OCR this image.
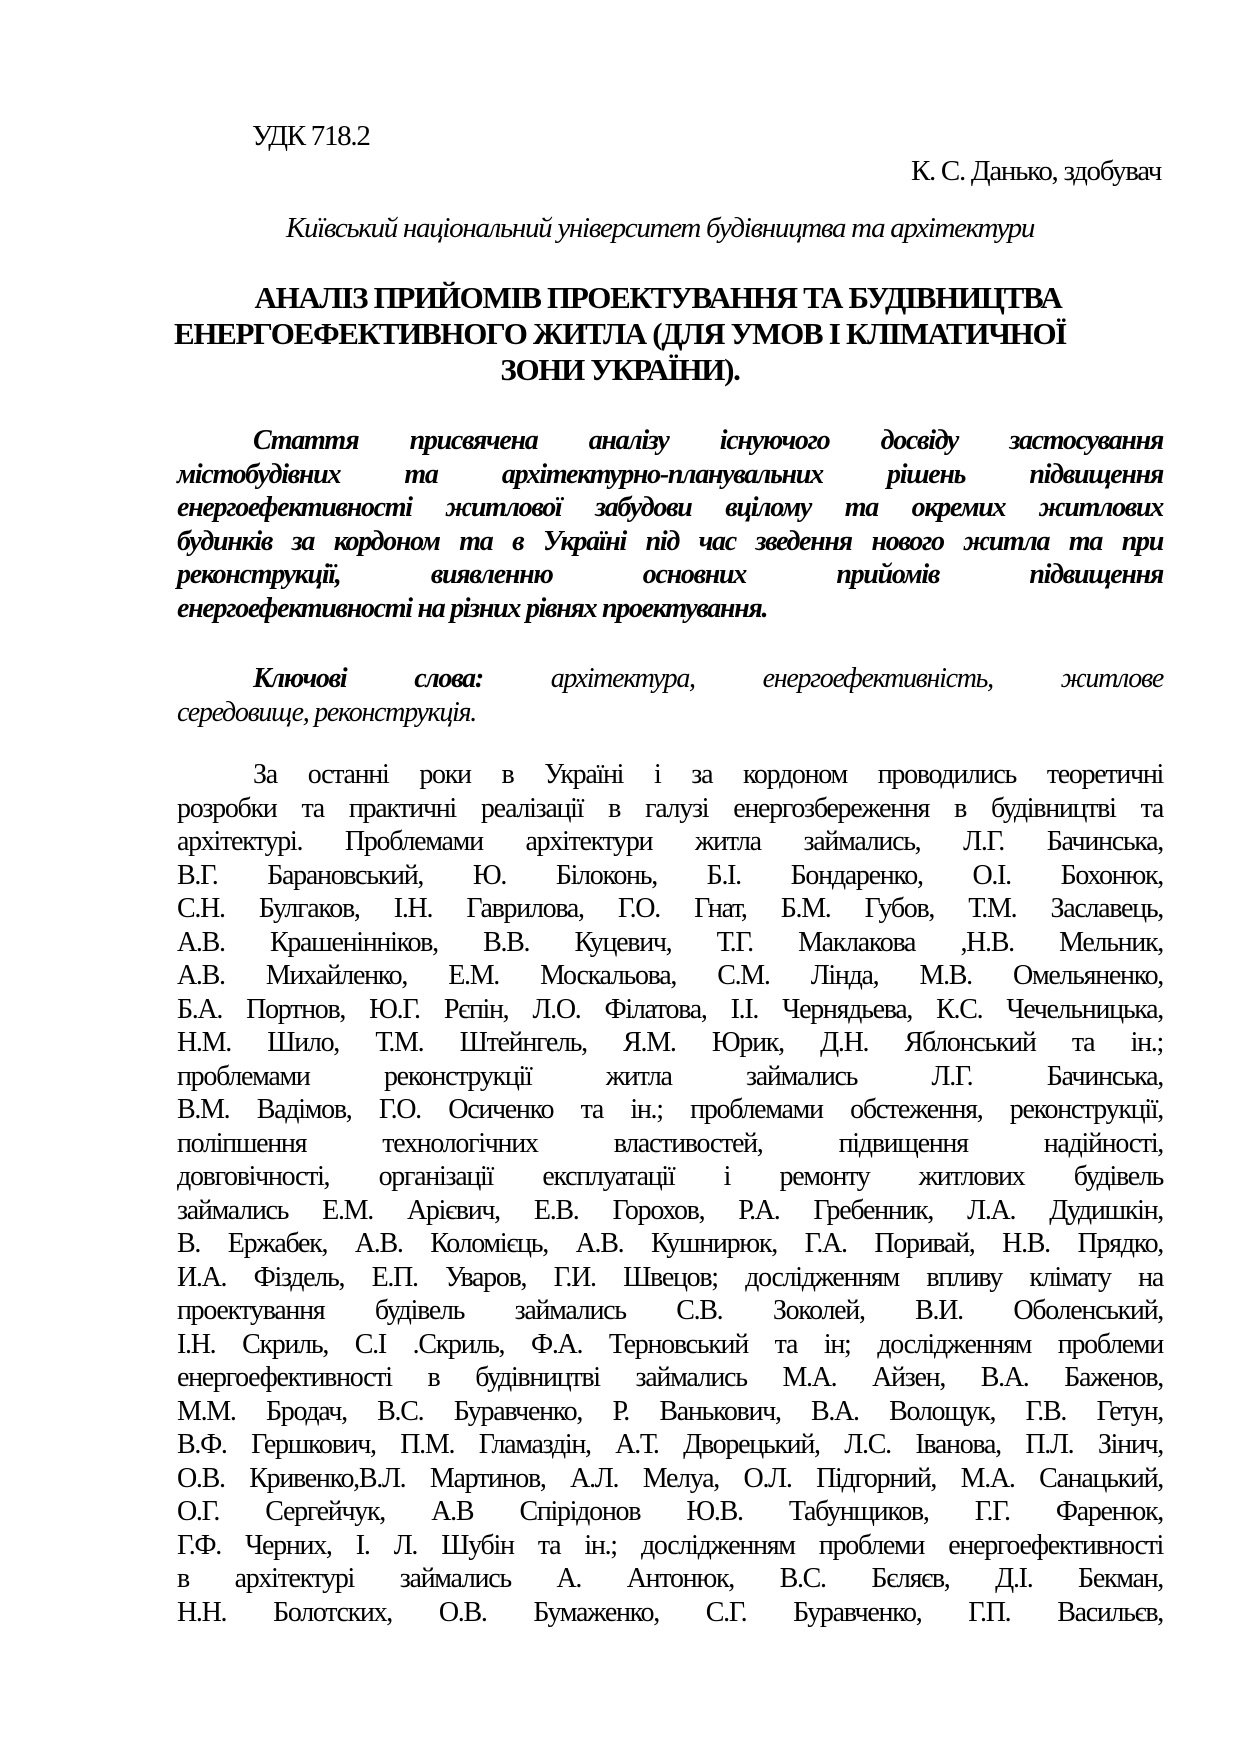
УДК 718.2
К. С. Данько, здобувач
Київський національний університет будівництва та архітектури
АНАЛІЗ ПРИЙОМІВ ПРОЕКТУВАННЯ ТА БУДІВНИЦТВА
ЕНЕРГОЕФЕКТИВНОГО ЖИТЛА (ДЛЯ УМОВ І КЛІМАТИЧНОЇ
ЗОНИ УКРАЇНИ).
Стаття присвячена аналізу існуючого досвіду застосування
містобудівних та архітектурно-планувальних рішень підвищення
енергоефективності житлової забудови вцілому та окремих житлових
будинків за кордоном та в Україні під час зведення нового житла та при
реконструкції, виявленню основних прийомів підвищення
енергоефективності на різних рівнях проектування.
Ключові слова: архітектура, енергоефективність, житлове
середовище, реконструкція.
За останні роки в Україні і за кордоном проводились теоретичні
розробки та практичні реалізації в галузі енергозбереження в будівництві та
архітектурі. Проблемами архітектури житла займались, Л.Г. Бачинська,
В.Г. Барановський, Ю. Білоконь, Б.І. Бондаренко, О.І. Бохонюк,
С.Н. Булгаков, І.Н. Гаврилова, Г.О. Гнат, Б.М. Губов, Т.М. Заславець,
А.В. Крашенінніков, В.В. Куцевич, Т.Г. Маклакова ,Н.В. Мельник,
А.В. Михайленко, Е.М. Москальова, С.М. Лінда, М.В. Омельяненко,
Б.А. Портнов, Ю.Г. Рєпін, Л.О. Філатова, І.І. Чернядьева, К.С. Чечельницька,
Н.М. Шило, Т.М. Штейнгель, Я.М. Юрик, Д.Н. Яблонський та ін.;
проблемами реконструкції житла займались Л.Г. Бачинська,
В.М. Вадімов, Г.О. Осиченко та ін.; проблемами обстеження, реконструкції,
поліпшення технологічних властивостей, підвищення надійності,
довговічності, організації експлуатації і ремонту житлових будівель
займались Е.М. Арієвич, Е.В. Горохов, Р.А. Гребенник, Л.А. Дудишкін,
В. Ержабек, А.В. Коломієць, А.В. Кушнирюк, Г.А. Поривай, Н.В. Прядко,
И.А. Фіздель, Е.П. Уваров, Г.И. Швецов; дослідженням впливу клімату на
проектування будівель займались С.В. Зоколей, В.И. Оболенський,
І.Н. Скриль, С.І .Скриль, Ф.А. Терновський та ін; дослідженням проблеми
енергоефективності в будівництві займались М.А. Айзен, В.А. Баженов,
М.М. Бродач, В.С. Буравченко, Р. Ванькович, В.А. Волощук, Г.В. Гетун,
В.Ф. Гершкович, П.М. Гламаздін, А.Т. Дворецький, Л.С. Іванова, П.Л. Зінич,
О.В. Кривенко,В.Л. Мартинов, А.Л. Мелуа, О.Л. Підгорний, М.А. Санацький,
О.Г. Сергейчук, А.В Спірідонов Ю.В. Табунщиков, Г.Г. Фаренюк,
Г.Ф. Черних, І. Л. Шубін та ін.; дослідженням проблеми енергоефективності
в архітектурі займались А. Антонюк, В.С. Бєляєв, Д.І. Бекман,
Н.Н. Болотских, О.В. Бумаженко, С.Г. Буравченко, Г.П. Васильєв,
